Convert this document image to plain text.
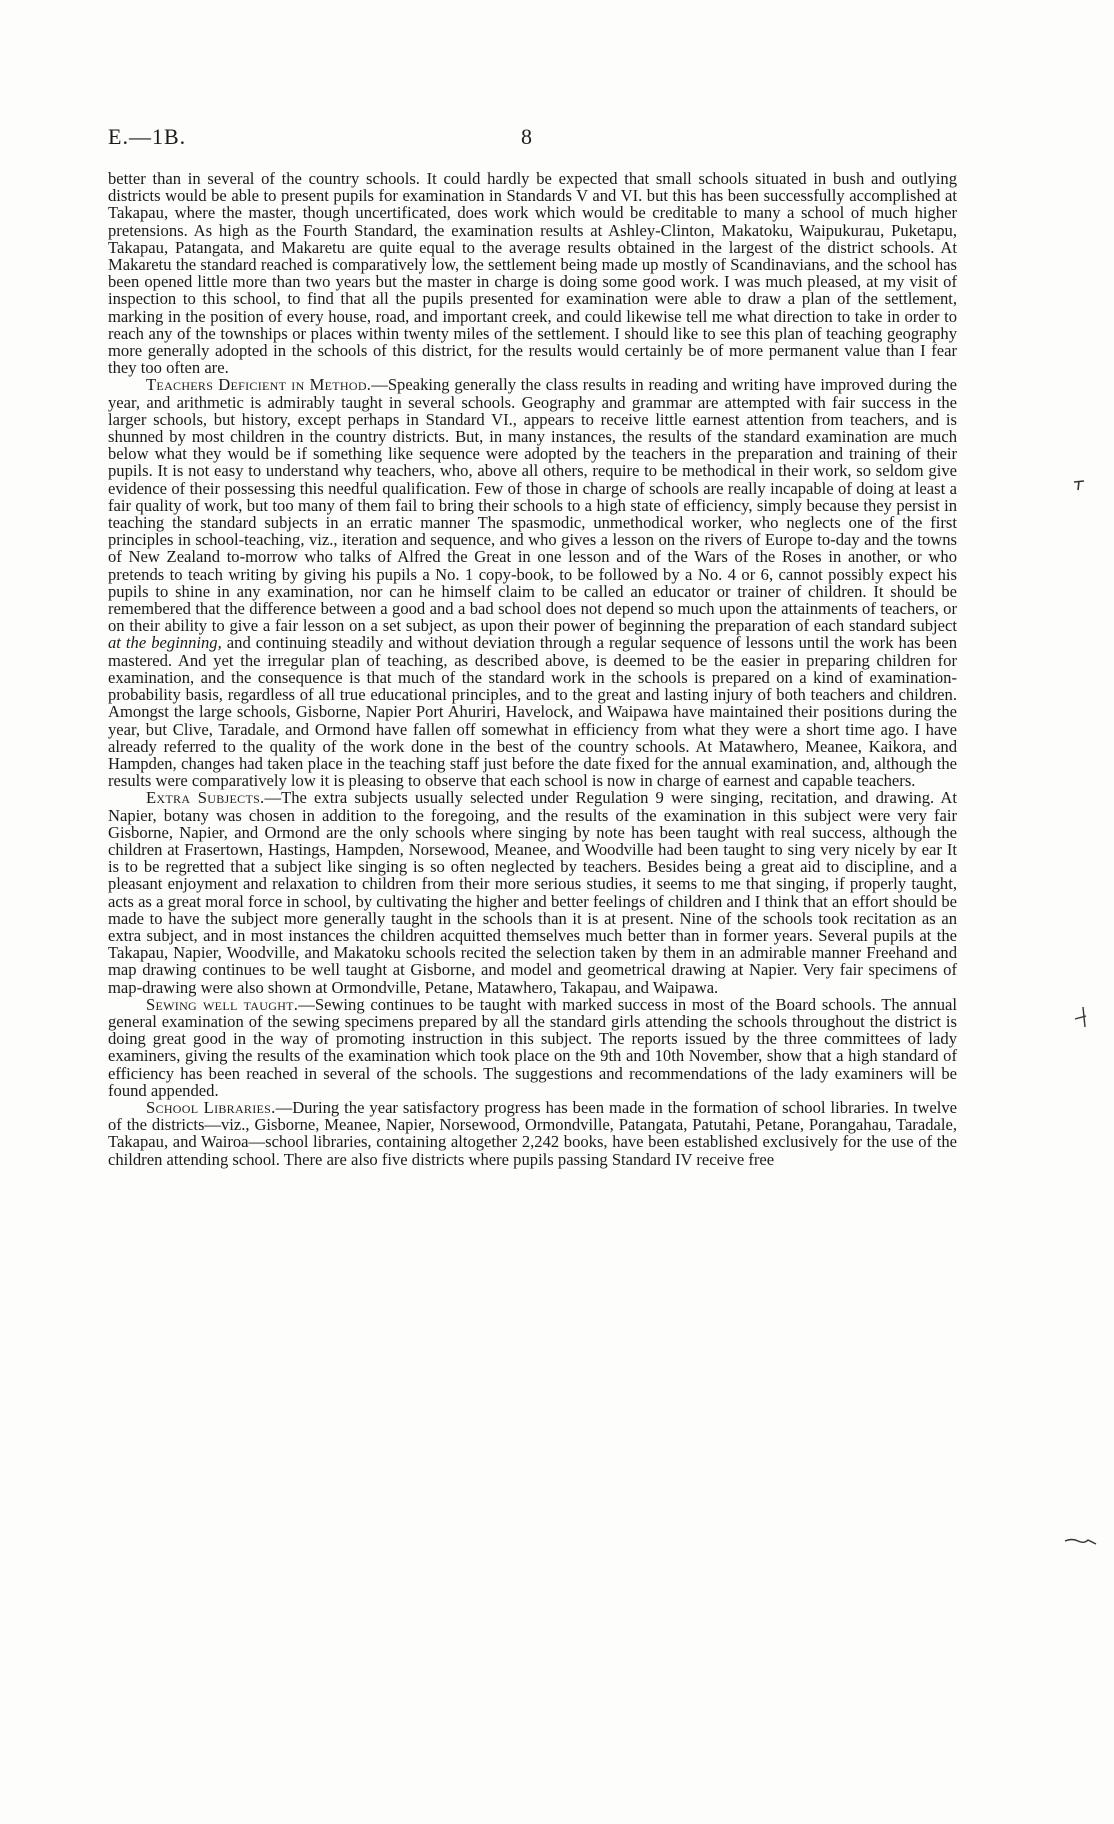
E.—1B.	8

better than in several of the country schools. It could hardly be expected that small schools situated in bush and outlying districts would be able to present pupils for examination in Standards V and VI. but this has been successfully accomplished at Takapau, where the master, though uncertificated, does work which would be creditable to many a school of much higher pretensions. As high as the Fourth Standard, the examination results at Ashley-Clinton, Makatoku, Waipukurau, Puketapu, Takapau, Patangata, and Makaretu are quite equal to the average results obtained in the largest of the district schools. At Makaretu the standard reached is comparatively low, the settlement being made up mostly of Scandinavians, and the school has been opened little more than two years but the master in charge is doing some good work. I was much pleased, at my visit of inspection to this school, to find that all the pupils presented for examination were able to draw a plan of the settlement, marking in the position of every house, road, and important creek, and could likewise tell me what direction to take in order to reach any of the townships or places within twenty miles of the settlement. I should like to see this plan of teaching geography more generally adopted in the schools of this district, for the results would certainly be of more permanent value than I fear they too often are.

Teachers Deficient in Method.—Speaking generally the class results in reading and writing have improved during the year, and arithmetic is admirably taught in several schools. Geography and grammar are attempted with fair success in the larger schools, but history, except perhaps in Standard VI., appears to receive little earnest attention from teachers, and is shunned by most children in the country districts. But, in many instances, the results of the standard examination are much below what they would be if something like sequence were adopted by the teachers in the preparation and training of their pupils. It is not easy to understand why teachers, who, above all others, require to be methodical in their work, so seldom give evidence of their possessing this needful qualification. Few of those in charge of schools are really incapable of doing at least a fair quality of work, but too many of them fail to bring their schools to a high state of efficiency, simply because they persist in teaching the standard subjects in an erratic manner The spasmodic, unmethodical worker, who neglects one of the first principles in school-teaching, viz., iteration and sequence, and who gives a lesson on the rivers of Europe to-day and the towns of New Zealand to-morrow who talks of Alfred the Great in one lesson and of the Wars of the Roses in another, or who pretends to teach writing by giving his pupils a No. 1 copy-book, to be followed by a No. 4 or 6, cannot possibly expect his pupils to shine in any examination, nor can he himself claim to be called an educator or trainer of children. It should be remembered that the difference between a good and a bad school does not depend so much upon the attainments of teachers, or on their ability to give a fair lesson on a set subject, as upon their power of beginning the preparation of each standard subject at the beginning, and continuing steadily and without deviation through a regular sequence of lessons until the work has been mastered. And yet the irregular plan of teaching, as described above, is deemed to be the easier in preparing children for examination, and the consequence is that much of the standard work in the schools is prepared on a kind of examination-probability basis, regardless of all true educational principles, and to the great and lasting injury of both teachers and children. Amongst the large schools, Gisborne, Napier Port Ahuriri, Havelock, and Waipawa have maintained their positions during the year, but Clive, Taradale, and Ormond have fallen off somewhat in efficiency from what they were a short time ago. I have already referred to the quality of the work done in the best of the country schools. At Matawhero, Meanee, Kaikora, and Hampden, changes had taken place in the teaching staff just before the date fixed for the annual examination, and, although the results were comparatively low it is pleasing to observe that each school is now in charge of earnest and capable teachers.

Extra Subjects.—The extra subjects usually selected under Regulation 9 were singing, recitation, and drawing. At Napier, botany was chosen in addition to the foregoing, and the results of the examination in this subject were very fair Gisborne, Napier, and Ormond are the only schools where singing by note has been taught with real success, although the children at Frasertown, Hastings, Hampden, Norsewood, Meanee, and Woodville had been taught to sing very nicely by ear It is to be regretted that a subject like singing is so often neglected by teachers. Besides being a great aid to discipline, and a pleasant enjoyment and relaxation to children from their more serious studies, it seems to me that singing, if properly taught, acts as a great moral force in school, by cultivating the higher and better feelings of children and I think that an effort should be made to have the subject more generally taught in the schools than it is at present. Nine of the schools took recitation as an extra subject, and in most instances the children acquitted themselves much better than in former years. Several pupils at the Takapau, Napier, Woodville, and Makatoku schools recited the selection taken by them in an admirable manner Freehand and map drawing continues to be well taught at Gisborne, and model and geometrical drawing at Napier. Very fair specimens of map-drawing were also shown at Ormondville, Petane, Matawhero, Takapau, and Waipawa.

Sewing well taught.—Sewing continues to be taught with marked success in most of the Board schools. The annual general examination of the sewing specimens prepared by all the standard girls attending the schools throughout the district is doing great good in the way of promoting instruction in this subject. The reports issued by the three committees of lady examiners, giving the results of the examination which took place on the 9th and 10th November, show that a high standard of efficiency has been reached in several of the schools. The suggestions and recommendations of the lady examiners will be found appended.

School Libraries.—During the year satisfactory progress has been made in the formation of school libraries. In twelve of the districts—viz., Gisborne, Meanee, Napier, Norsewood, Ormondville, Patangata, Patutahi, Petane, Porangahau, Taradale, Takapau, and Wairoa—school libraries, containing altogether 2,242 books, have been established exclusively for the use of the children attending school. There are also five districts where pupils passing Standard IV receive free
